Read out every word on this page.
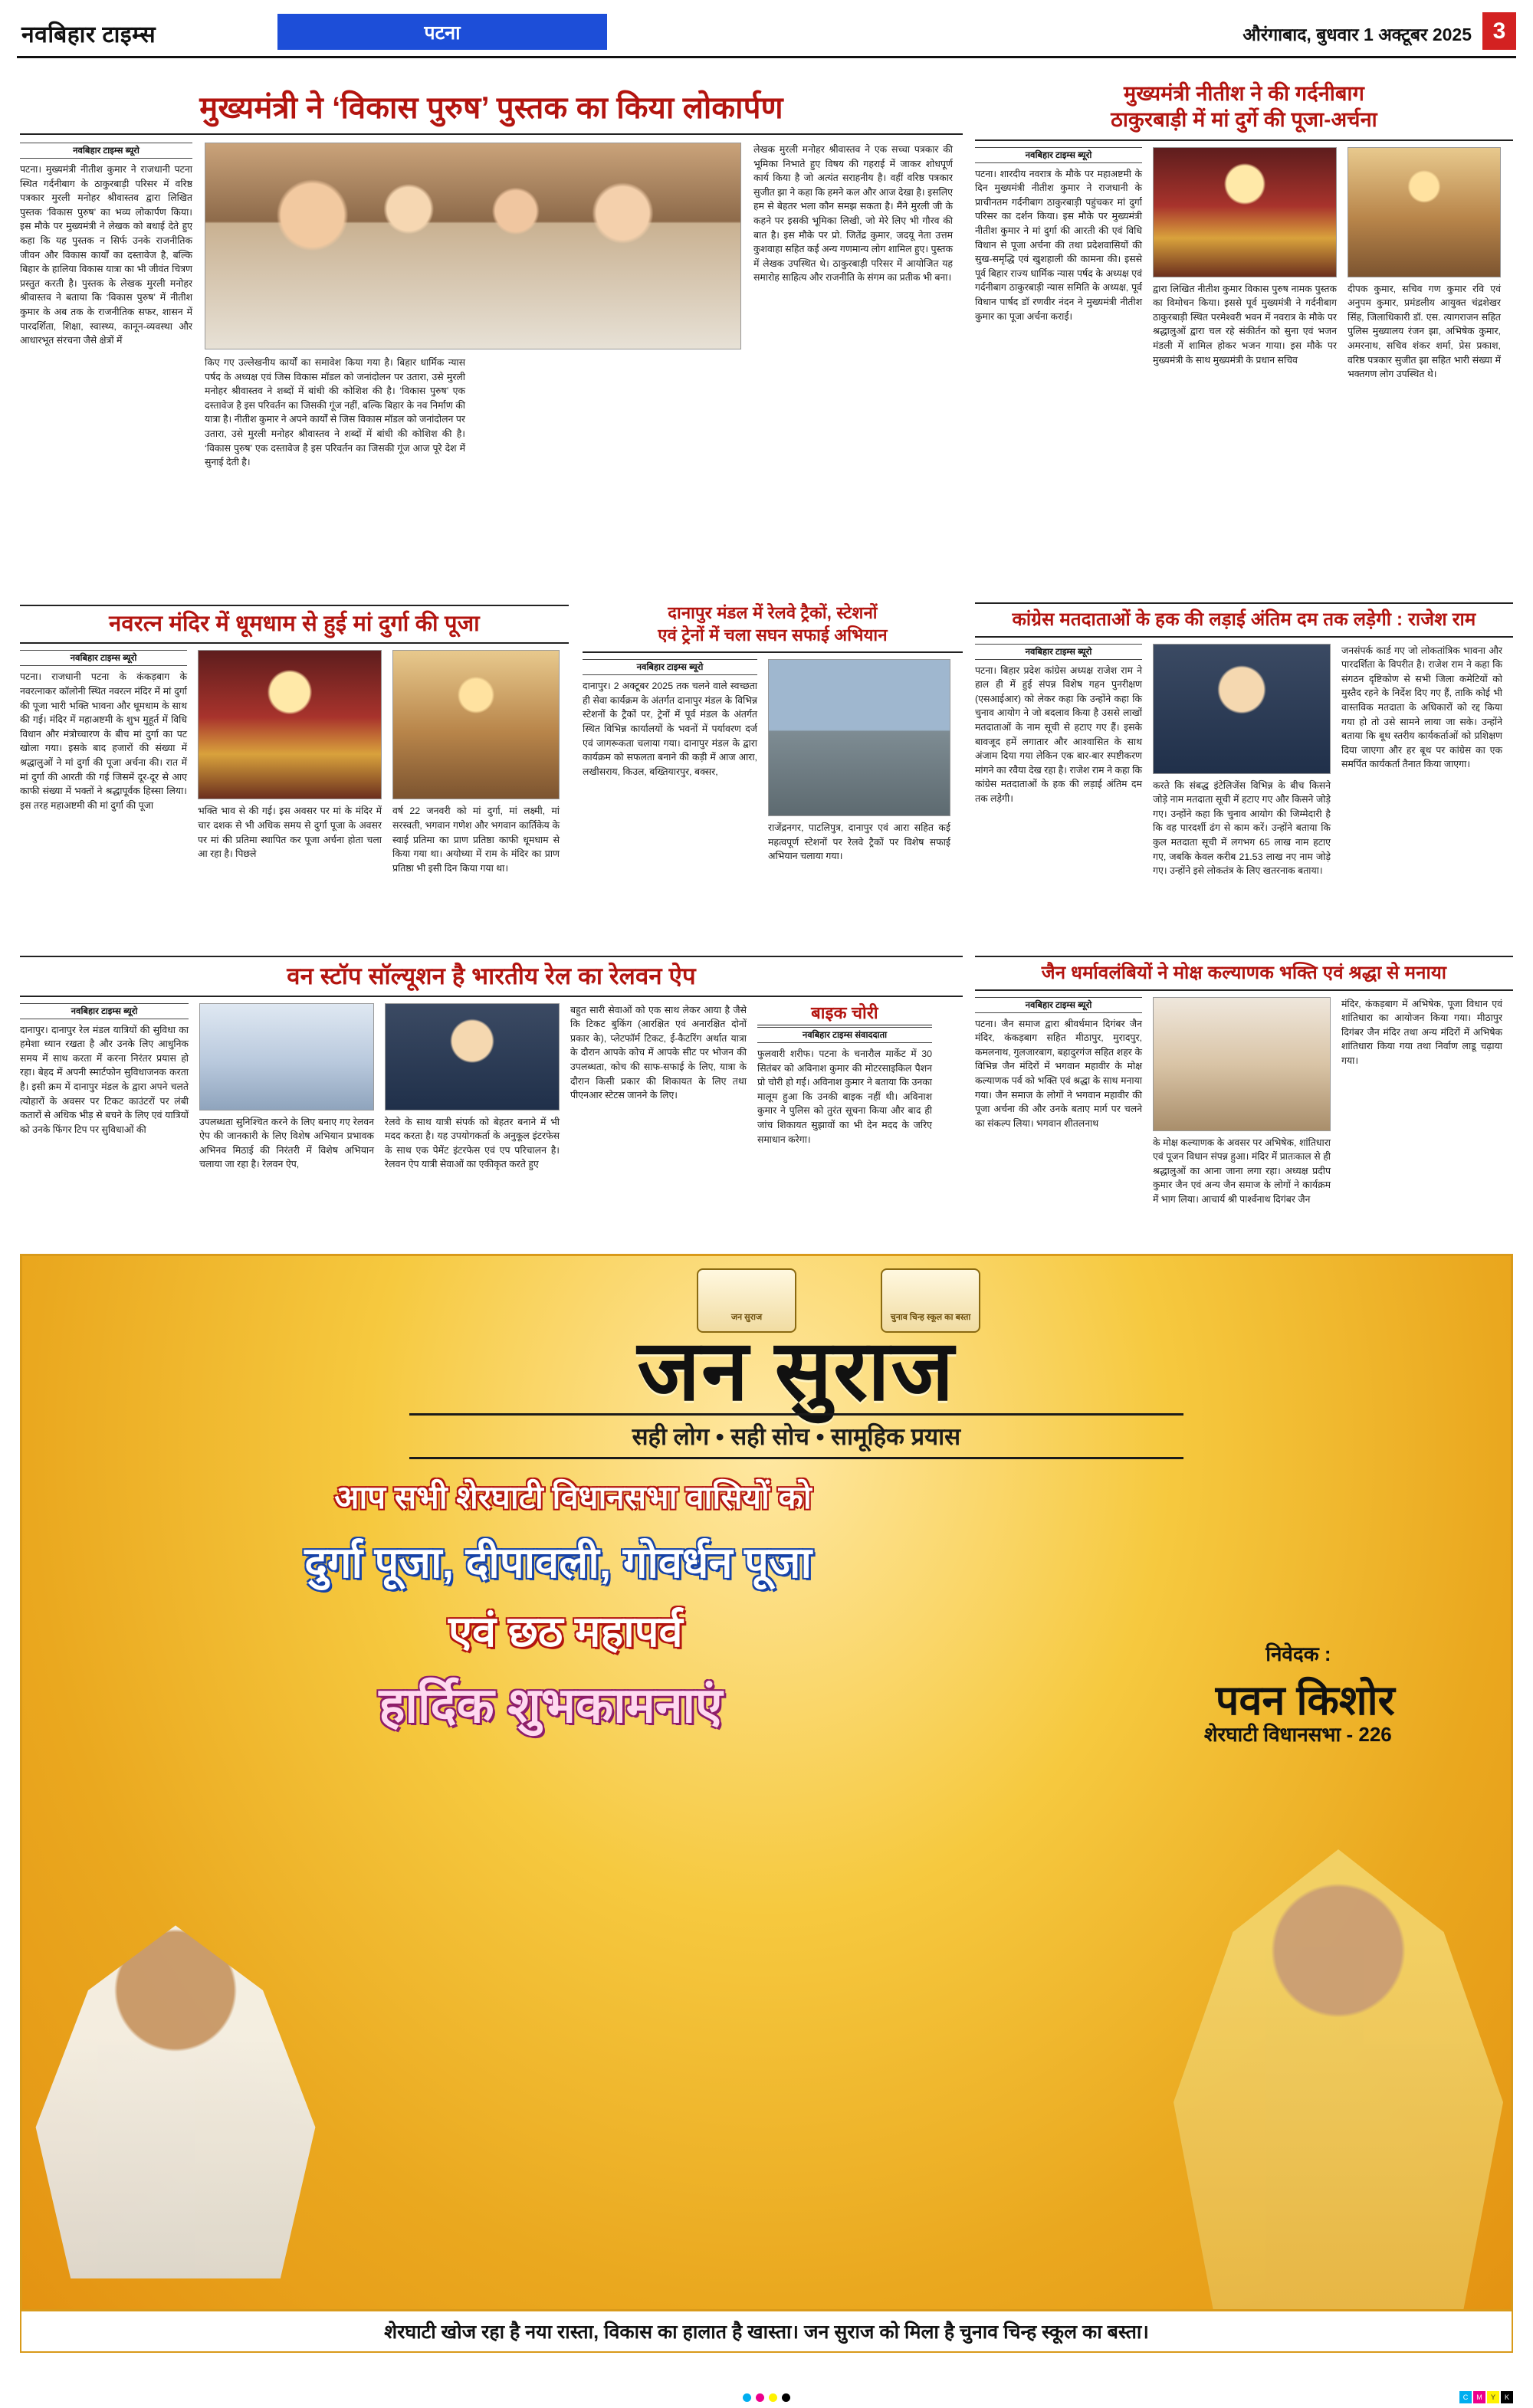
नवबिहार टाइम्स	पटना	औरंगाबाद, बुधवार 1 अक्टूबर 2025 3
मुख्यमंत्री ने ‘विकास पुरुष’ पुस्तक का किया लोकार्पण
नवबिहार टाइम्स ब्यूरो
पटना। मुख्यमंत्री नीतीश कुमार ने राजधानी पटना स्थित गर्दनीबाग के ठाकुरबाड़ी परिसर में वरिष्ठ पत्रकार मुरली मनोहर श्रीवास्तव द्वारा लिखित पुस्तक ‘विकास पुरुष’ का भव्य लोकार्पण किया। इस मौके पर मुख्यमंत्री ने लेखक को बधाई देते हुए कहा कि यह पुस्तक न सिर्फ उनके राजनीतिक जीवन और विकास कार्यों का दस्तावेज है, बल्कि बिहार के हालिया विकास यात्रा का भी जीवंत चित्रण प्रस्तुत करती है। पुस्तक के लेखक मुरली मनोहर श्रीवास्तव ने बताया कि ‘विकास पुरुष’ में नीतीश कुमार के अब तक के राजनीतिक सफर, शासन में पारदर्शिता, शिक्षा, स्वास्थ्य, कानून-व्यवस्था और आधारभूत संरचना जैसे क्षेत्रों में
लेखक मुरली मनोहर श्रीवास्तव ने एक सच्चा पत्रकार की भूमिका निभाते हुए विषय की गहराई में जाकर शोधपूर्ण कार्य किया है जो अत्यंत सराहनीय है। वहीं वरिष्ठ पत्रकार सुजीत झा ने कहा कि हमने कल और आज देखा है। इसलिए हम से बेहतर भला कौन समझ सकता है। मैंने मुरली जी के कहने पर इसकी भूमिका लिखी, जो मेरे लिए भी गौरव की बात है। इस मौके पर प्रो. जितेंद्र कुमार, जदयू नेता उत्तम कुशवाहा सहित कई अन्य गणमान्य लोग शामिल हुए। पुस्तक में लेखक उपस्थित थे। ठाकुरबाड़ी परिसर में आयोजित यह समारोह साहित्य और राजनीति के संगम का प्रतीक भी बना।
किए गए उल्लेखनीय कार्यों का समावेश किया गया है। बिहार धार्मिक न्यास पर्षद के अध्यक्ष एवं जिस विकास मॉडल को जनांदोलन पर उतारा, उसे मुरली मनोहर श्रीवास्तव ने शब्दों में बांधी की कोशिश की है। ‘विकास पुरुष’ एक दस्तावेज है इस परिवर्तन का जिसकी गूंज नहीं, बल्कि बिहार के नव निर्माण की यात्रा है। नीतीश कुमार ने अपने कार्यों से जिस विकास मॉडल को जनांदोलन पर उतारा, उसे मुरली मनोहर श्रीवास्तव ने शब्दों में बांधी की कोशिश की है। ‘विकास पुरुष’ एक दस्तावेज है इस परिवर्तन का जिसकी गूंज आज पूरे देश में सुनाई देती है।

मुख्यमंत्री नीतीश ने की गर्दनीबाग
ठाकुरबाड़ी में मां दुर्गे की पूजा-अर्चना
नवबिहार टाइम्स ब्यूरो
पटना। शारदीय नवरात्र के मौके पर महाअष्टमी के दिन मुख्यमंत्री नीतीश कुमार ने राजधानी के प्राचीनतम गर्दनीबाग ठाकुरबाड़ी पहुंचकर मां दुर्गा परिसर का दर्शन किया। इस मौके पर मुख्यमंत्री नीतीश कुमार ने मां दुर्गा की आरती की एवं विधि विधान से पूजा अर्चना की तथा प्रदेशवासियों की सुख-समृद्धि एवं खुशहाली की कामना की। इससे पूर्व बिहार राज्य धार्मिक न्यास पर्षद के अध्यक्ष एवं गर्दनीबाग ठाकुरबाड़ी न्यास समिति के अध्यक्ष, पूर्व विधान पार्षद डॉ रणवीर नंदन ने मुख्यमंत्री नीतीश कुमार का पूजा अर्चना कराई।
द्वारा लिखित नीतीश कुमार विकास पुरुष नामक पुस्तक का विमोचन किया। इससे पूर्व मुख्यमंत्री ने गर्दनीबाग ठाकुरबाड़ी स्थित परमेश्वरी भवन में नवरात्र के मौके पर श्रद्धालुओं द्वारा चल रहे संकीर्तन को सुना एवं भजन मंडली में शामिल होकर भजन गाया। इस मौके पर मुख्यमंत्री के साथ मुख्यमंत्री के प्रधान सचिव
दीपक कुमार, सचिव गण कुमार रवि एवं अनुपम कुमार, प्रमंडलीय आयुक्त चंद्रशेखर सिंह, जिलाधिकारी डॉ. एस. त्यागराजन सहित पुलिस मुख्यालय रंजन झा, अभिषेक कुमार, अमरनाथ, सचिव शंकर शर्मा, प्रेस प्रकाश, वरिष्ठ पत्रकार सुजीत झा सहित भारी संख्या में भक्तगण लोग उपस्थित थे।
नवरत्न मंदिर में धूमधाम से हुई मां दुर्गा की पूजा
नवबिहार टाइम्स ब्यूरो
पटना। राजधानी पटना के कंकड़बाग के नवरत्नाकर कॉलोनी स्थित नवरत्न मंदिर में मां दुर्गा की पूजा भारी भक्ति भावना और धूमधाम के साथ की गई। मंदिर में महाअष्टमी के शुभ मुहूर्त में विधि विधान और मंत्रोच्चारण के बीच मां दुर्गा का पट खोला गया। इसके बाद हजारों की संख्या में श्रद्धालुओं ने मां दुर्गा की पूजा अर्चना की। रात में मां दुर्गा की आरती की गई जिसमें दूर-दूर से आए काफी संख्या में भक्तों ने श्रद्धापूर्वक हिस्सा लिया। इस तरह महाअष्टमी की मां दुर्गा की पूजा
भक्ति भाव से की गई। इस अवसर पर मां के मंदिर में चार दशक से भी अधिक समय से दुर्गा पूजा के अवसर पर मां की प्रतिमा स्थापित कर पूजा अर्चना होता चला आ रहा है। पिछले
वर्ष 22 जनवरी को मां दुर्गा, मां लक्ष्मी, मां सरस्वती, भगवान गणेश और भगवान कार्तिकेय के स्वाई प्रतिमा का प्राण प्रतिष्ठा काफी धूमधाम से किया गया था। अयोध्या में राम के मंदिर का प्राण प्रतिष्ठा भी इसी दिन किया गया था।
दानापुर मंडल में रेलवे ट्रैकों, स्टेशनों
एवं ट्रेनों में चला सघन सफाई अभियान
नवबिहार टाइम्स ब्यूरो
दानापुर। 2 अक्टूबर 2025 तक चलने वाले स्वच्छता ही सेवा कार्यक्रम के अंतर्गत दानापुर मंडल के विभिन्न स्टेशनों के ट्रैकों पर, ट्रेनों में पूर्व मंडल के अंतर्गत स्थित विभिन्न कार्यालयों के भवनों में पर्यावरण दर्ज एवं जागरूकता चलाया गया। दानापुर मंडल के द्वारा कार्यक्रम को सफलता बनाने की कड़ी में आज आरा, लखीसराय, किउल, बख्तियारपुर, बक्सर,
राजेंद्रनगर, पाटलिपुत्र, दानापुर एवं आरा सहित कई महत्वपूर्ण स्टेशनों पर रेलवे ट्रैकों पर विशेष सफाई अभियान चलाया गया।
कांग्रेस मतदाताओं के हक की लड़ाई अंतिम दम तक लड़ेगी : राजेश राम
नवबिहार टाइम्स ब्यूरो
पटना। बिहार प्रदेश कांग्रेस अध्यक्ष राजेश राम ने हाल ही में हुई संपन्न विशेष गहन पुनरीक्षण (एसआईआर) को लेकर कहा कि उन्होंने कहा कि चुनाव आयोग ने जो बदलाव किया है उससे लाखों मतदाताओं के नाम सूची से हटाए गए हैं। इसके बावजूद हमें लगातार और आश्वासित के साथ अंजाम दिया गया लेकिन एक बार-बार स्पष्टीकरण मांगने का रवैया देख रहा है। राजेश राम ने कहा कि कांग्रेस मतदाताओं के हक की लड़ाई अंतिम दम तक लड़ेगी।
करते कि संबद्ध इंटेलिजेंस विभिन्न के बीच किसने जोड़े नाम मतदाता सूची में हटाए गए और किसने जोड़े गए। उन्होंने कहा कि चुनाव आयोग की जिम्मेदारी है कि वह पारदर्शी ढंग से काम करें। उन्होंने बताया कि कुल मतदाता सूची में लगभग 65 लाख नाम हटाए गए, जबकि केवल करीब 21.53 लाख नए नाम जोड़े गए। उन्होंने इसे लोकतंत्र के लिए खतरनाक बताया।
जनसंपर्क कार्ड गए जो लोकतांत्रिक भावना और पारदर्शिता के विपरीत है। राजेश राम ने कहा कि संगठन दृष्टिकोण से सभी जिला कमेटियों को मुस्तैद रहने के निर्देश दिए गए हैं, ताकि कोई भी वास्तविक मतदाता के अधिकारों को रद्द किया गया हो तो उसे सामने लाया जा सके। उन्होंने बताया कि बूथ स्तरीय कार्यकर्ताओं को प्रशिक्षण दिया जाएगा और हर बूथ पर कांग्रेस का एक समर्पित कार्यकर्ता तैनात किया जाएगा।
वन स्टॉप सॉल्यूशन है भारतीय रेल का रेलवन ऐप
नवबिहार टाइम्स ब्यूरो
दानापुर। दानापुर रेल मंडल यात्रियों की सुविधा का हमेशा ध्यान रखता है और उनके लिए आधुनिक समय में साथ करता में करना निरंतर प्रयास हो रहा। बेहद में अपनी स्मार्टफोन सुविधाजनक करता है। इसी क्रम में दानापुर मंडल के द्वारा अपने चलते त्योहारों के अवसर पर टिकट काउंटरों पर लंबी कतारों से अधिक भीड़ से बचने के लिए एवं यात्रियों को उनके फिंगर टिप पर सुविधाओं की
उपलब्धता सुनिश्चित करने के लिए बनाए गए रेलवन ऐप की जानकारी के लिए विशेष अभियान प्रभावक अभिनव मिठाई की निरंतरी में विशेष अभियान चलाया जा रहा है। रेलवन ऐप,
रेलवे के साथ यात्री संपर्क को बेहतर बनाने में भी मदद करता है। यह उपयोगकर्ता के अनुकूल इंटरफेस के साथ एक पेमेंट इंटरफेस एवं एप परिचालन है। रेलवन ऐप यात्री सेवाओं का एकीकृत करते हुए
बहुत सारी सेवाओं को एक साथ लेकर आया है जैसे कि टिकट बुकिंग (आरक्षित एवं अनारक्षित दोनों प्रकार के), प्लेटफॉर्म टिकट, ई-कैटरिंग अर्थात यात्रा के दौरान आपके कोच में आपके सीट पर भोजन की उपलब्धता, कोच की साफ-सफाई के लिए, यात्रा के दौरान किसी प्रकार की शिकायत के लिए तथा पीएनआर स्टेटस जानने के लिए।
बाइक चोरी
नवबिहार टाइम्स संवाददाता
फुलवारी शरीफ। पटना के चनारौल मार्केट में 30 सितंबर को अविनाश कुमार की मोटरसाइकिल पैशन प्रो चोरी हो गई। अविनाश कुमार ने बताया कि उनका मालूम हुआ कि उनकी बाइक नहीं थी। अविनाश कुमार ने पुलिस को तुरंत सूचना किया और बाद ही जांच शिकायत सुझावों का भी देन मदद के जरिए समाधान करेगा।
जैन धर्मावलंबियों ने मोक्ष कल्याणक भक्ति एवं श्रद्धा से मनाया
नवबिहार टाइम्स ब्यूरो
पटना। जैन समाज द्वारा श्रीवर्धमान दिगंबर जैन मंदिर, कंकड़बाग सहित मीठापुर, मुरादपुर, कमलनाथ, गुलजारबाग, बहादुरगंज सहित शहर के विभिन्न जैन मंदिरों में भगवान महावीर के मोक्ष कल्याणक पर्व को भक्ति एवं श्रद्धा के साथ मनाया गया। जैन समाज के लोगों ने भगवान महावीर की पूजा अर्चना की और उनके बताए मार्ग पर चलने का संकल्प लिया। भगवान शीतलनाथ
के मोक्ष कल्याणक के अवसर पर अभिषेक, शांतिधारा एवं पूजन विधान संपन्न हुआ। मंदिर में प्रातःकाल से ही श्रद्धालुओं का आना जाना लगा रहा। अध्यक्ष प्रदीप कुमार जैन एवं अन्य जैन समाज के लोगों ने कार्यक्रम में भाग लिया। आचार्य श्री पार्श्वनाथ दिगंबर जैन
मंदिर, कंकड़बाग में अभिषेक, पूजा विधान एवं शांतिधारा का आयोजन किया गया। मीठापुर दिगंबर जैन मंदिर तथा अन्य मंदिरों में अभिषेक शांतिधारा किया गया तथा निर्वाण लाडू चढ़ाया गया।
जन सुराज	चुनाव चिन्ह स्कूल का बस्ता
जन सुराज
सही लोग • सही सोच • सामूहिक प्रयास
आप सभी शेरघाटी विधानसभा वासियों को
दुर्गा पूजा, दीपावली, गोवर्धन पूजा
एवं छठ महापर्व
हार्दिक शुभकामनाएं
निवेदक :
पवन किशोर
शेरघाटी विधानसभा - 226
शेरघाटी खोज रहा है नया रास्ता, विकास का हालात है खास्ता। जन सुराज को मिला है चुनाव चिन्ह स्कूल का बस्ता।
C	M	Y	K
